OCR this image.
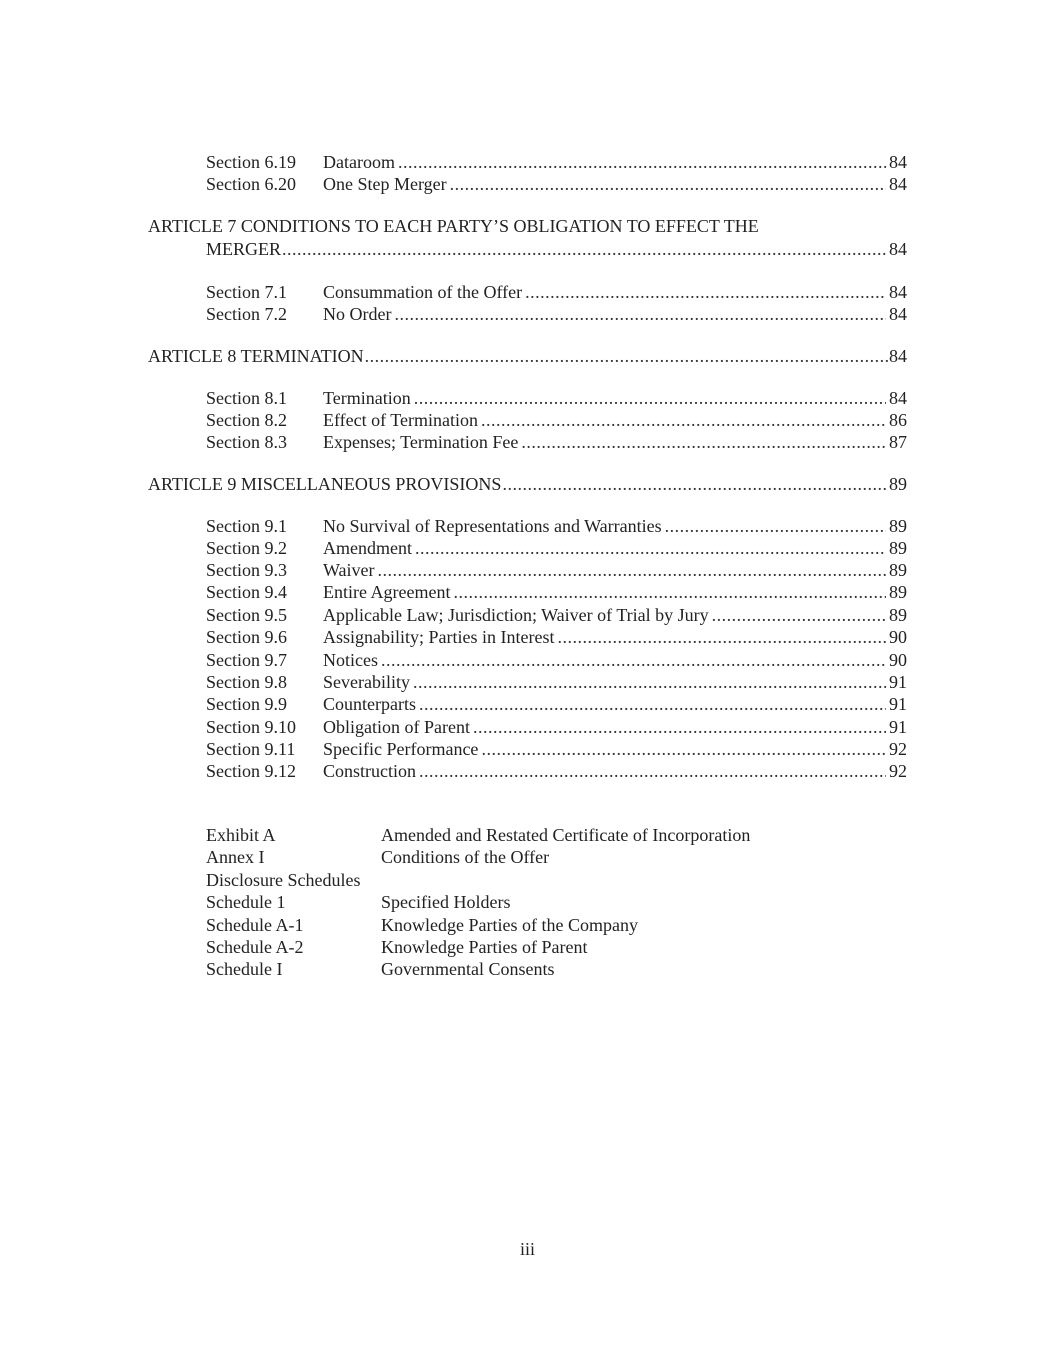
Section 6.19	Dataroom .....	84
Section 6.20	One Step Merger .....	84
ARTICLE 7 CONDITIONS TO EACH PARTY’S OBLIGATION TO EFFECT THE
MERGER .....	84
Section 7.1	Consummation of the Offer .....	84
Section 7.2	No Order .....	84
ARTICLE 8 TERMINATION .....	84
Section 8.1	Termination .....	84
Section 8.2	Effect of Termination .....	86
Section 8.3	Expenses; Termination Fee .....	87
ARTICLE 9 MISCELLANEOUS PROVISIONS .....	89
Section 9.1	No Survival of Representations and Warranties .....	89
Section 9.2	Amendment .....	89
Section 9.3	Waiver .....	89
Section 9.4	Entire Agreement .....	89
Section 9.5	Applicable Law; Jurisdiction; Waiver of Trial by Jury .....	89
Section 9.6	Assignability; Parties in Interest .....	90
Section 9.7	Notices .....	90
Section 9.8	Severability .....	91
Section 9.9	Counterparts .....	91
Section 9.10	Obligation of Parent .....	91
Section 9.11	Specific Performance .....	92
Section 9.12	Construction .....	92
Exhibit A	Amended and Restated Certificate of Incorporation
Annex I	Conditions of the Offer
Disclosure Schedules
Schedule 1	Specified Holders
Schedule A-1	Knowledge Parties of the Company
Schedule A-2	Knowledge Parties of Parent
Schedule I	Governmental Consents
iii
